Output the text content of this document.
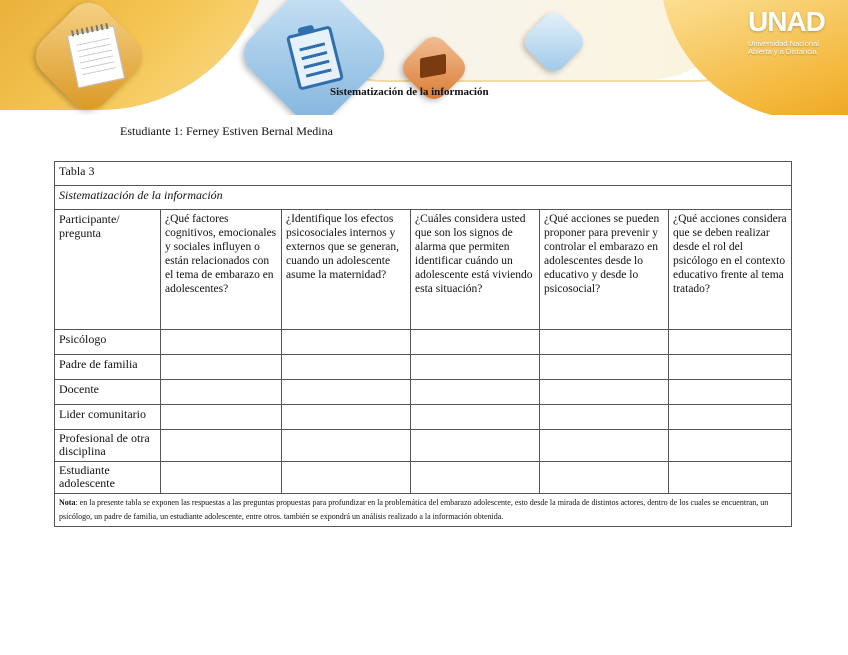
UNAD
Universidad Nacional Abierta y a Distancia
Sistematización de la información
Estudiante 1: Ferney Estiven Bernal Medina
Tabla 3					
Sistematización de la información					
Participante/ pregunta	¿Qué factores cognitivos, emocionales y sociales influyen o están relacionados con el tema de embarazo en adolescentes?	¿Identifique los efectos psicosociales internos y externos que se generan, cuando un adolescente asume la maternidad?	¿Cuáles considera usted que son los signos de alarma que permiten identificar cuándo un adolescente está viviendo esta situación?	¿Qué acciones se pueden proponer para prevenir y controlar el embarazo en adolescentes desde lo educativo y desde lo psicosocial?	¿Qué acciones considera que se deben realizar desde el rol del psicólogo en el contexto educativo frente al tema tratado?
Psicólogo					
Padre de familia					
Docente					
Lider comunitario					
Profesional de otra disciplina					
Estudiante adolescente					
Nota: en la presente tabla se exponen las respuestas a las preguntas propuestas para profundizar en la problemática del embarazo adolescente, esto desde la mirada de distintos actores, dentro de los cuales se encuentran, un psicólogo, un padre de familia, un estudiante adolescente, entre otros. también se expondrá un análisis realizado a la información obtenida.					
